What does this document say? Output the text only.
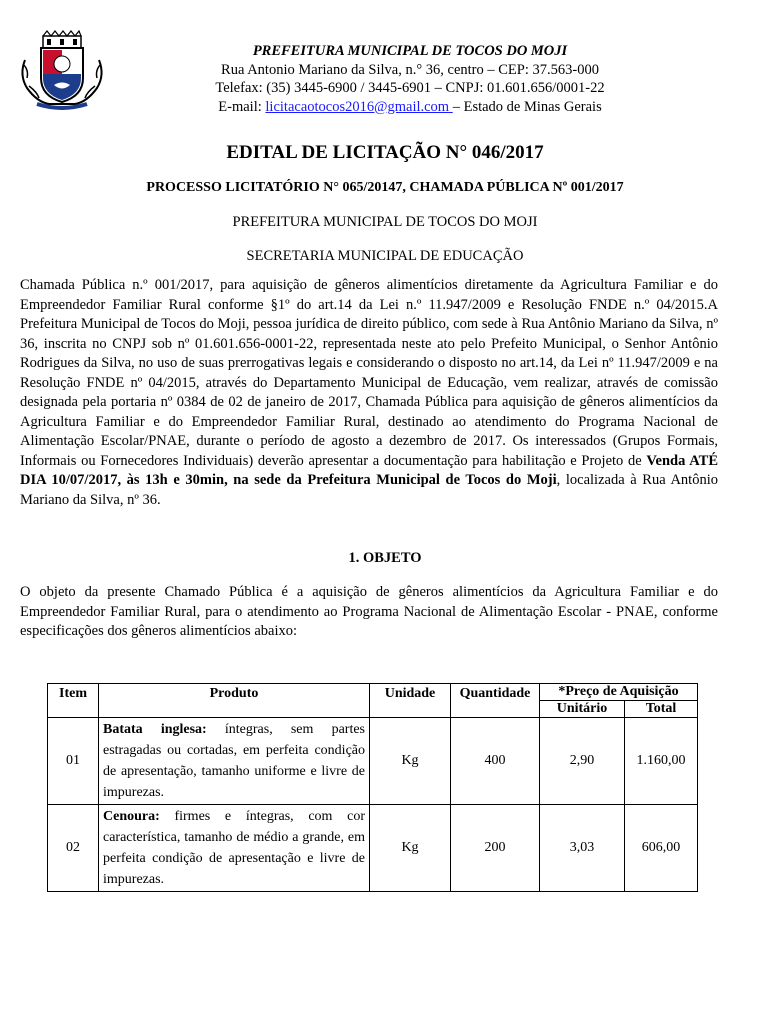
PREFEITURA MUNICIPAL DE TOCOS DO MOJI
Rua Antonio Mariano da Silva, n.° 36, centro – CEP: 37.563-000
Telefax: (35) 3445-6900 / 3445-6901 – CNPJ: 01.601.656/0001-22
E-mail: licitacaotocos2016@gmail.com – Estado de Minas Gerais
EDITAL DE LICITAÇÃO N° 046/2017
PROCESSO LICITATÓRIO N° 065/20147, CHAMADA PÚBLICA Nº 001/2017
PREFEITURA MUNICIPAL DE TOCOS DO MOJI
SECRETARIA MUNICIPAL DE EDUCAÇÃO

Chamada Pública n.º 001/2017, para aquisição de gêneros alimentícios diretamente da Agricultura Familiar e do Empreendedor Familiar Rural conforme §1º do art.14 da Lei n.º 11.947/2009 e Resolução FNDE n.º 04/2015.A Prefeitura Municipal de Tocos do Moji, pessoa jurídica de direito público, com sede à Rua Antônio Mariano da Silva, nº 36, inscrita no CNPJ sob nº 01.601.656-0001-22, representada neste ato pelo Prefeito Municipal, o Senhor Antônio Rodrigues da Silva, no uso de suas prerrogativas legais e considerando o disposto no art.14, da Lei nº 11.947/2009 e na Resolução FNDE nº 04/2015, através do Departamento Municipal de Educação, vem realizar, através de comissão designada pela portaria nº 0384 de 02 de janeiro de 2017, Chamada Pública para aquisição de gêneros alimentícios da Agricultura Familiar e do Empreendedor Familiar Rural, destinado ao atendimento do Programa Nacional de Alimentação Escolar/PNAE, durante o período de agosto a dezembro de 2017. Os interessados (Grupos Formais, Informais ou Fornecedores Individuais) deverão apresentar a documentação para habilitação e Projeto de Venda ATÉ DIA 10/07/2017, às 13h e 30min, na sede da Prefeitura Municipal de Tocos do Moji, localizada à Rua Antônio Mariano da Silva, nº 36.

1. OBJETO

O objeto da presente Chamado Pública é a aquisição de gêneros alimentícios da Agricultura Familiar e do Empreendedor Familiar Rural, para o atendimento ao Programa Nacional de Alimentação Escolar - PNAE, conforme especificações dos gêneros alimentícios abaixo:

Item	Produto	Unidade	Quantidade	*Preço de Aquisição	
				Unitário	Total
01	Batata inglesa: íntegras, sem partes estragadas ou cortadas, em perfeita condição de apresentação, tamanho uniforme e livre de impurezas.	Kg	400	2,90	1.160,00
02	Cenoura: firmes e íntegras, com cor característica, tamanho de médio a grande, em perfeita condição de apresentação e livre de impurezas.	Kg	200	3,03	606,00
